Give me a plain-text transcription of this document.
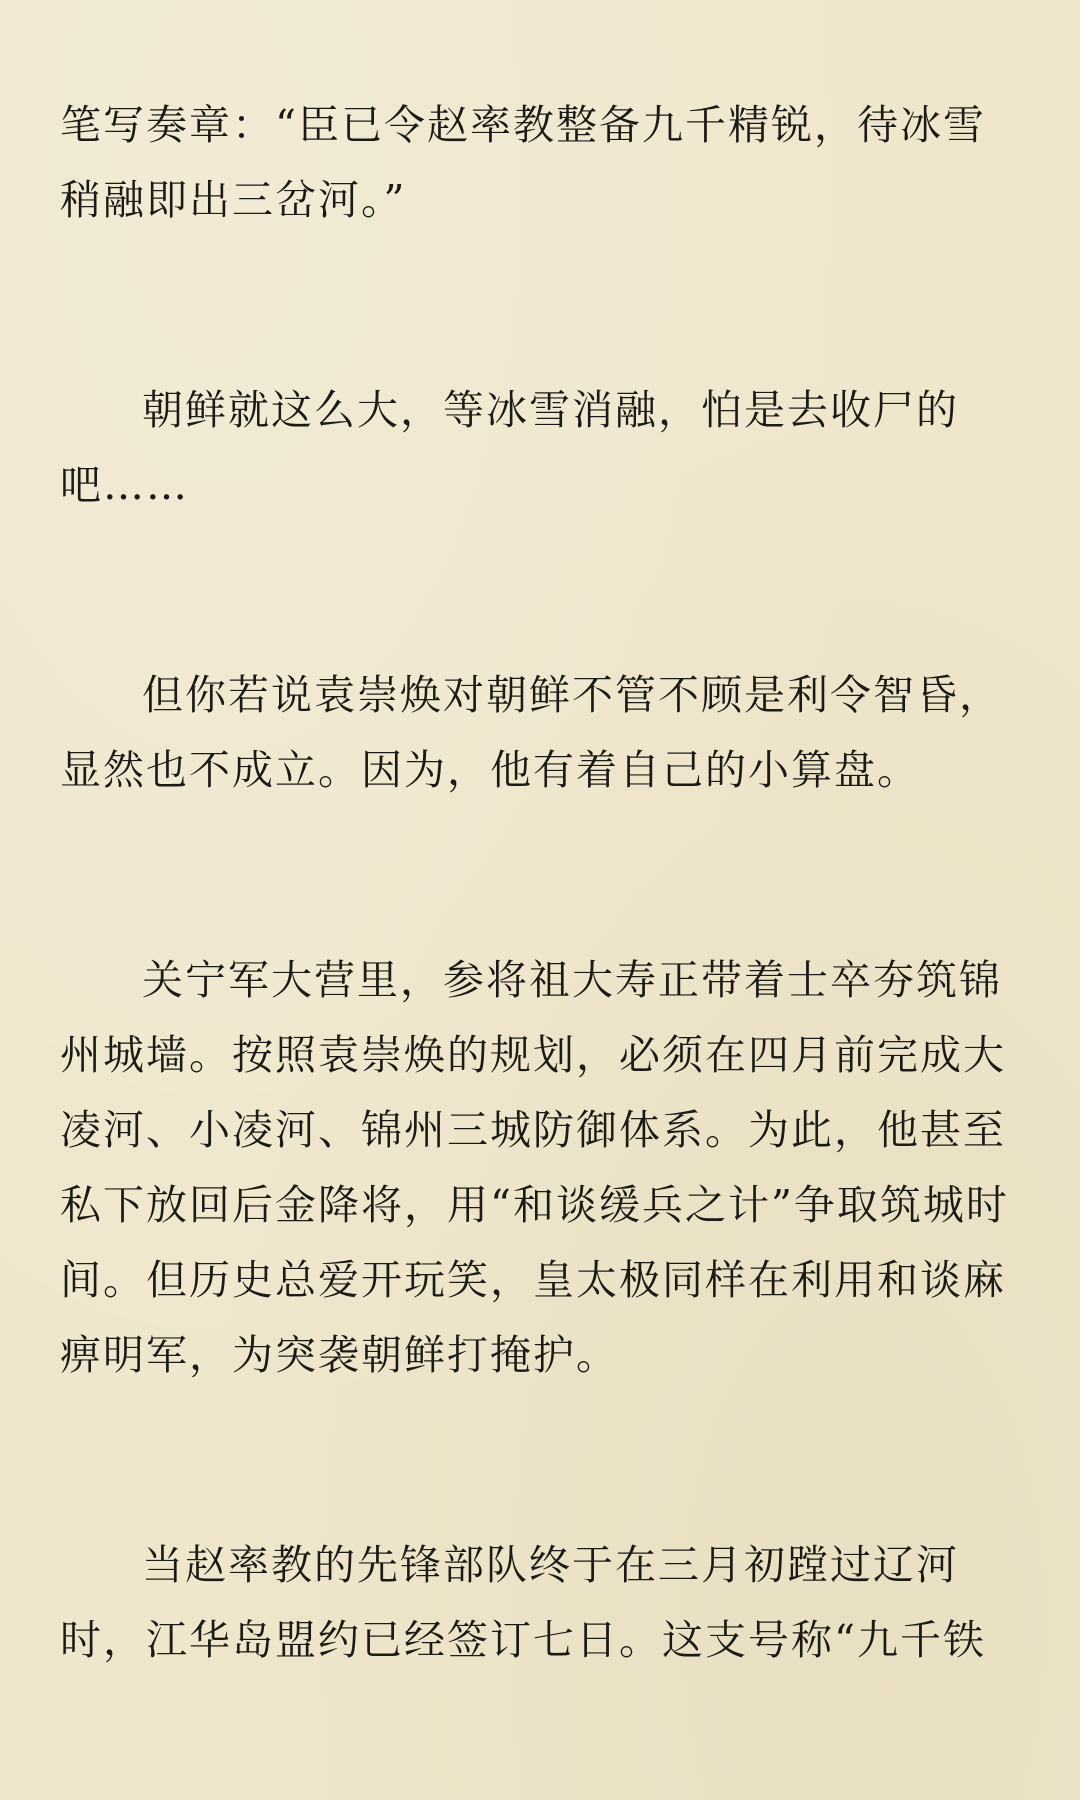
笔写奏章：“臣已令赵率教整备九千精锐，待冰雪稍融即出三岔河。”

朝鲜就这么大，等冰雪消融，怕是去收尸的吧……

但你若说袁崇焕对朝鲜不管不顾是利令智昏，显然也不成立。因为，他有着自己的小算盘。

关宁军大营里，参将祖大寿正带着士卒夯筑锦州城墙。按照袁崇焕的规划，必须在四月前完成大凌河、小凌河、锦州三城防御体系。为此，他甚至私下放回后金降将，用“和谈缓兵之计”争取筑城时间。但历史总爱开玩笑，皇太极同样在利用和谈麻痹明军，为突袭朝鲜打掩护。

当赵率教的先锋部队终于在三月初蹚过辽河时，江华岛盟约已经签订七日。这支号称“九千铁
